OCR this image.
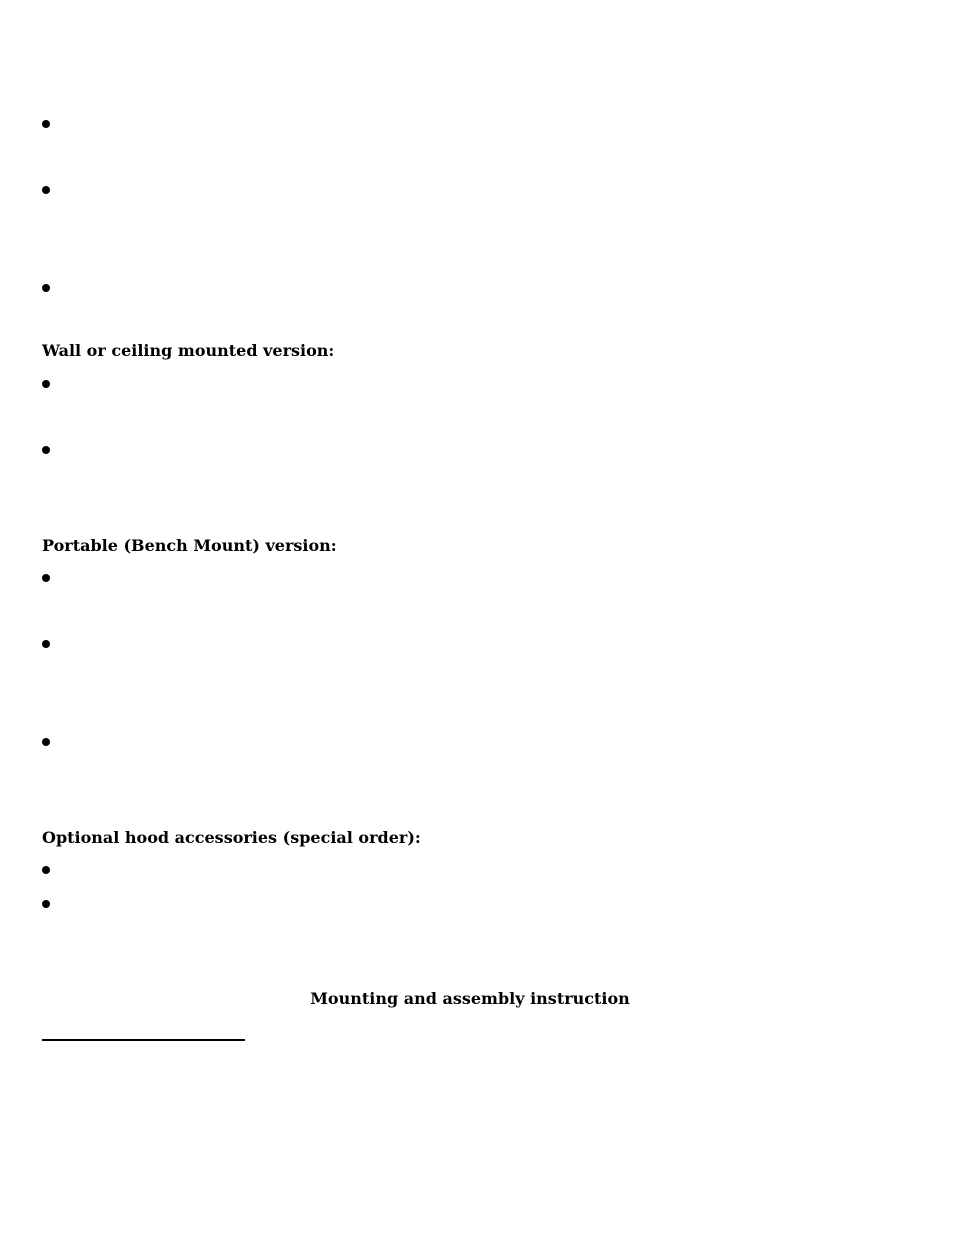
Wall or ceiling mounted version:
Portable (Bench Mount) version:
Optional hood accessories (special order):
Mounting and assembly instruction
